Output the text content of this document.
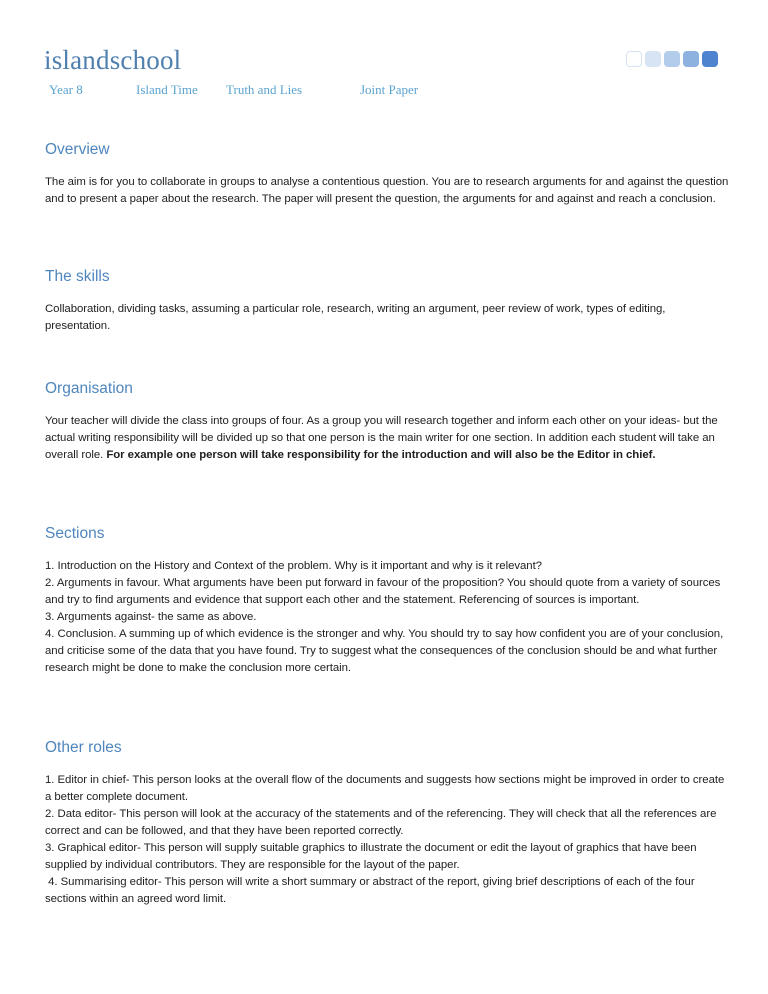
islandschool
Year 8	Island Time Truth and Lies	Joint Paper
Overview

The aim is for you to collaborate in groups to analyse a contentious question. You are to research arguments for and against the question and to present a paper about the research. The paper will present the question, the arguments for and against and reach a conclusion.

The skills

Collaboration, dividing tasks, assuming a particular role, research, writing an argument, peer review of work, types of editing, presentation.

Organisation

Your teacher will divide the class into groups of four. As a group you will research together and inform each other on your ideas- but the actual writing responsibility will be divided up so that one person is the main writer for one section. In addition each student will take an overall role. For example one person will take responsibility for the introduction and will also be the Editor in chief.

Sections

1. Introduction on the History and Context of the problem. Why is it important and why is it relevant?

2. Arguments in favour. What arguments have been put forward in favour of the proposition? You should quote from a variety of sources and try to find arguments and evidence that support each other and the statement. Referencing of sources is important.

3. Arguments against- the same as above.

4. Conclusion. A summing up of which evidence is the stronger and why. You should try to say how confident you are of your conclusion, and criticise some of the data that you have found. Try to suggest what the consequences of the conclusion should be and what further research might be done to make the conclusion more certain.

Other roles

1. Editor in chief- This person looks at the overall flow of the documents and suggests how sections might be improved in order to create a better complete document.

2. Data editor- This person will look at the accuracy of the statements and of the referencing. They will check that all the references are correct and can be followed, and that they have been reported correctly.

3. Graphical editor- This person will supply suitable graphics to illustrate the document or edit the layout of graphics that have been supplied by individual contributors. They are responsible for the layout of the paper.

4. Summarising editor- This person will write a short summary or abstract of the report, giving brief descriptions of each of the four sections within an agreed word limit.
